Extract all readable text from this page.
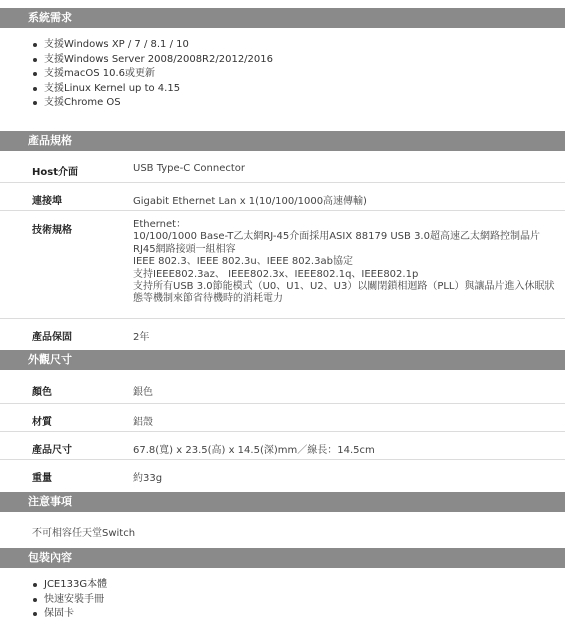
系統需求
支援Windows XP / 7 / 8.1 / 10
支援Windows Server 2008/2008R2/2012/2016
支援macOS 10.6或更新
支援Linux Kernel up to 4.15
支援Chrome OS
產品規格
Host介面	USB Type-C Connector
連接埠	Gigabit Ethernet Lan x 1(10/100/1000高速傳輸)
技術規格
Ethernet：
10/100/1000 Base-T乙太網RJ-45介面採用ASIX 88179 USB 3.0超高速乙太網路控制晶片
RJ45網路接頭一組相容
IEEE 802.3、IEEE 802.3u、IEEE 802.3ab協定
支持IEEE802.3az、 IEEE802.3x、IEEE802.1q、IEEE802.1p
支持所有USB 3.0節能模式（U0、U1、U2、U3）以關閉鎖相迴路（PLL）與讓晶片進入休眠狀
態等機制來節省待機時的消耗電力
產品保固	2年
外觀尺寸
顏色	銀色
材質	鋁殼
產品尺寸	67.8(寬) x 23.5(高) x 14.5(深)mm／線長：14.5cm
重量	約33g
注意事項
不可相容任天堂Switch
包裝內容
JCE133G本體
快速安裝手冊
保固卡
